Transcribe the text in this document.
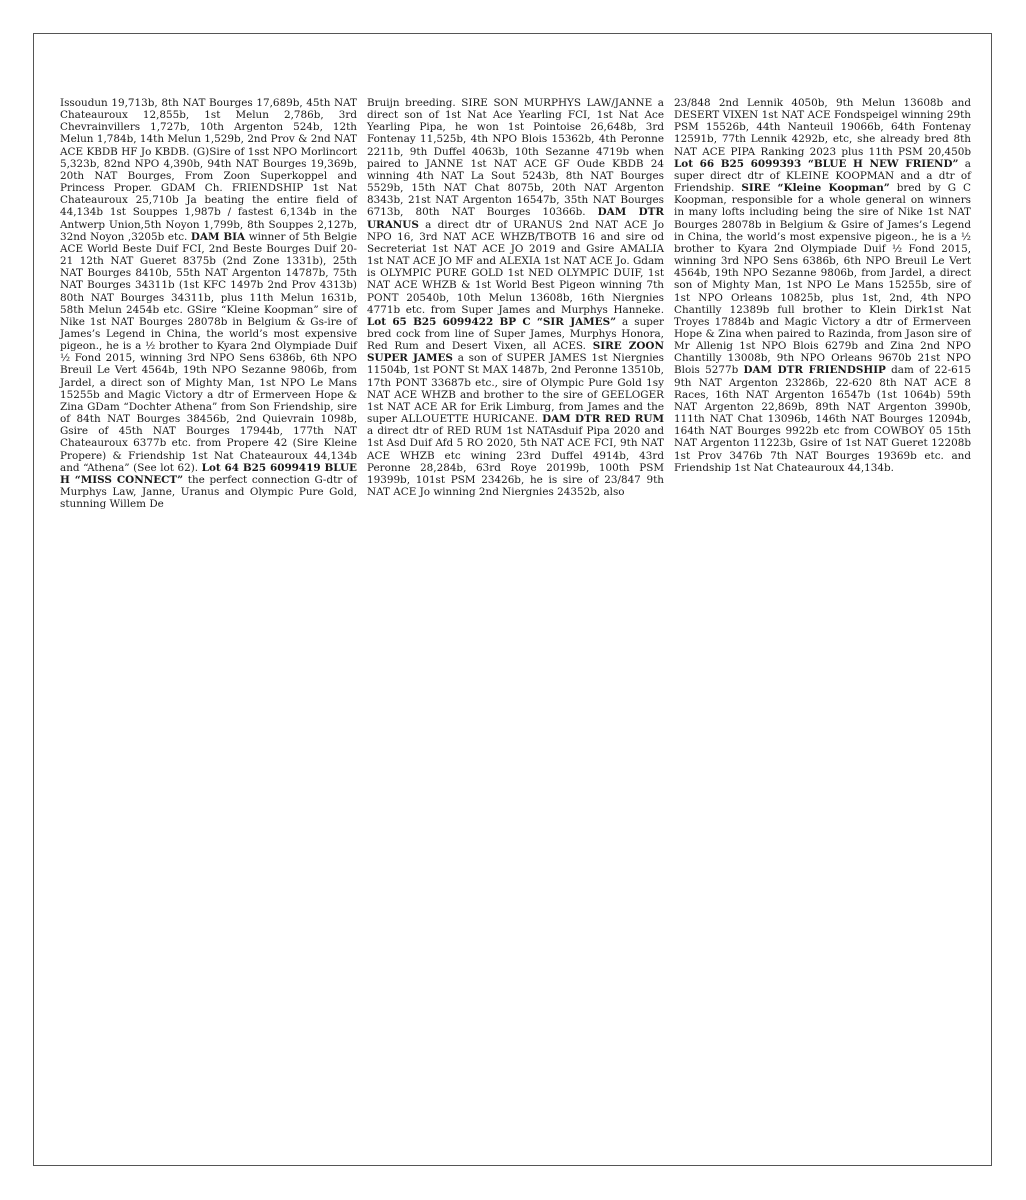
Issoudun 19,713b, 8th NAT Bourges 17,689b, 45th NAT Chateauroux 12,855b, 1st Melun 2,786b, 3rd Chevrainvillers 1,727b, 10th Argenton 524b, 12th Melun 1,784b, 14th Melun 1,529b, 2nd Prov & 2nd NAT ACE KBDB HF Jo KBDB. (G)Sire of 1sst NPO Morlincort 5,323b, 82nd NPO 4,390b, 94th NAT Bourges 19,369b, 20th NAT Bourges, From Zoon Superkoppel and Princess Proper. GDAM Ch. FRIENDSHIP 1st Nat Chateauroux 25,710b Ja beating the entire field of 44,134b 1st Souppes 1,987b / fastest 6,134b in the Antwerp Union,5th Noyon 1,799b, 8th Souppes 2,127b, 32nd Noyon ,3205b etc. DAM BIA winner of 5th Belgie ACE World Beste Duif FCI, 2nd Beste Bourges Duif 20-21 12th NAT Gueret 8375b (2nd Zone 1331b), 25th NAT Bourges 8410b, 55th NAT Argenton 14787b, 75th NAT Bourges 34311b (1st KFC 1497b 2nd Prov 4313b) 80th NAT Bourges 34311b, plus 11th Melun 1631b, 58th Melun 2454b etc. GSire “Kleine Koopman” sire of Nike 1st NAT Bourges 28078b in Belgium & Gs-ire of James’s Legend in China, the world’s most expensive pigeon., he is a ½ brother to Kyara 2nd Olympiade Duif ½ Fond 2015, winning 3rd NPO Sens 6386b, 6th NPO Breuil Le Vert 4564b, 19th NPO Sezanne 9806b, from Jardel, a direct son of Mighty Man, 1st NPO Le Mans 15255b and Magic Victory a dtr of Ermerveen Hope & Zina GDam “Dochter Athena” from Son Friendship, sire of 84th NAT Bourges 38456b, 2nd Quievrain 1098b, Gsire of 45th NAT Bourges 17944b, 177th NAT Chateauroux 6377b etc. from Propere 42 (Sire Kleine Propere) & Friendship 1st Nat Chateauroux 44,134b and “Athena” (See lot 62). Lot 64 B25 6099419 BLUE H “MISS CONNECT” the perfect connection G-dtr of Murphys Law, Janne, Uranus and Olympic Pure Gold, stunning Willem De

Bruijn breeding. SIRE SON MURPHYS LAW/JANNE a direct son of 1st Nat Ace Yearling FCI, 1st Nat Ace Yearling Pipa, he won 1st Pointoise 26,648b, 3rd Fontenay 11,525b, 4th NPO Blois 15362b, 4th Peronne 2211b, 9th Duffel 4063b, 10th Sezanne 4719b when paired to JANNE 1st NAT ACE GF Oude KBDB 24 winning 4th NAT La Sout 5243b, 8th NAT Bourges 5529b, 15th NAT Chat 8075b, 20th NAT Argenton 8343b, 21st NAT Argenton 16547b, 35th NAT Bourges 6713b, 80th NAT Bourges 10366b. DAM DTR URANUS a direct dtr of URANUS 2nd NAT ACE Jo NPO 16, 3rd NAT ACE WHZB/TBOTB 16 and sire od Secreteriat 1st NAT ACE JO 2019 and Gsire AMALIA 1st NAT ACE JO MF and ALEXIA 1st NAT ACE Jo. Gdam is OLYMPIC PURE GOLD 1st NED OLYMPIC DUIF, 1st NAT ACE WHZB & 1st World Best Pigeon winning 7th PONT 20540b, 10th Melun 13608b, 16th Niergnies 4771b etc. from Super James and Murphys Hanneke. Lot 65 B25 6099422 BP C “SIR JAMES” a super bred cock from line of Super James, Murphys Honora, Red Rum and Desert Vixen, all ACES. SIRE ZOON SUPER JAMES a son of SUPER JAMES 1st Niergnies 11504b, 1st PONT St MAX 1487b, 2nd Peronne 13510b, 17th PONT 33687b etc., sire of Olympic Pure Gold 1sy NAT ACE WHZB and brother to the sire of GEELOGER 1st NAT ACE AR for Erik Limburg, from James and the super ALLOUETTE HURICANE. DAM DTR RED RUM a direct dtr of RED RUM 1st NATAsduif Pipa 2020 and 1st Asd Duif Afd 5 RO 2020, 5th NAT ACE FCI, 9th NAT ACE WHZB etc wining 23rd Duffel 4914b, 43rd Peronne 28,284b, 63rd Roye 20199b, 100th PSM 19399b, 101st PSM 23426b, he is sire of 23/847 9th NAT ACE Jo winning 2nd Niergnies 24352b, also

23/848 2nd Lennik 4050b, 9th Melun 13608b and DESERT VIXEN 1st NAT ACE Fondspeigel winning 29th PSM 15526b, 44th Nanteuil 19066b, 64th Fontenay 12591b, 77th Lennik 4292b, etc, she already bred 8th NAT ACE PIPA Ranking 2023 plus 11th PSM 20,450b Lot 66 B25 6099393 “BLUE H NEW FRIEND” a super direct dtr of KLEINE KOOPMAN and a dtr of Friendship. SIRE “Kleine Koopman” bred by G C Koopman, responsible for a whole general on winners in many lofts including being the sire of Nike 1st NAT Bourges 28078b in Belgium & Gsire of James’s Legend in China, the world’s most expensive pigeon., he is a ½ brother to Kyara 2nd Olympiade Duif ½ Fond 2015, winning 3rd NPO Sens 6386b, 6th NPO Breuil Le Vert 4564b, 19th NPO Sezanne 9806b, from Jardel, a direct son of Mighty Man, 1st NPO Le Mans 15255b, sire of 1st NPO Orleans 10825b, plus 1st, 2nd, 4th NPO Chantilly 12389b full brother to Klein Dirk1st Nat Troyes 17884b and Magic Victory a dtr of Ermerveen Hope & Zina when paired to Razinda, from Jason sire of Mr Allenig 1st NPO Blois 6279b and Zina 2nd NPO Chantilly 13008b, 9th NPO Orleans 9670b 21st NPO Blois 5277b DAM DTR FRIENDSHIP dam of 22-615 9th NAT Argenton 23286b, 22-620 8th NAT ACE 8 Races, 16th NAT Argenton 16547b (1st 1064b) 59th NAT Argenton 22,869b, 89th NAT Argenton 3990b, 111th NAT Chat 13096b, 146th NAT Bourges 12094b, 164th NAT Bourges 9922b etc from COWBOY 05 15th NAT Argenton 11223b, Gsire of 1st NAT Gueret 12208b 1st Prov 3476b 7th NAT Bourges 19369b etc. and Friendship 1st Nat Chateauroux 44,134b.
